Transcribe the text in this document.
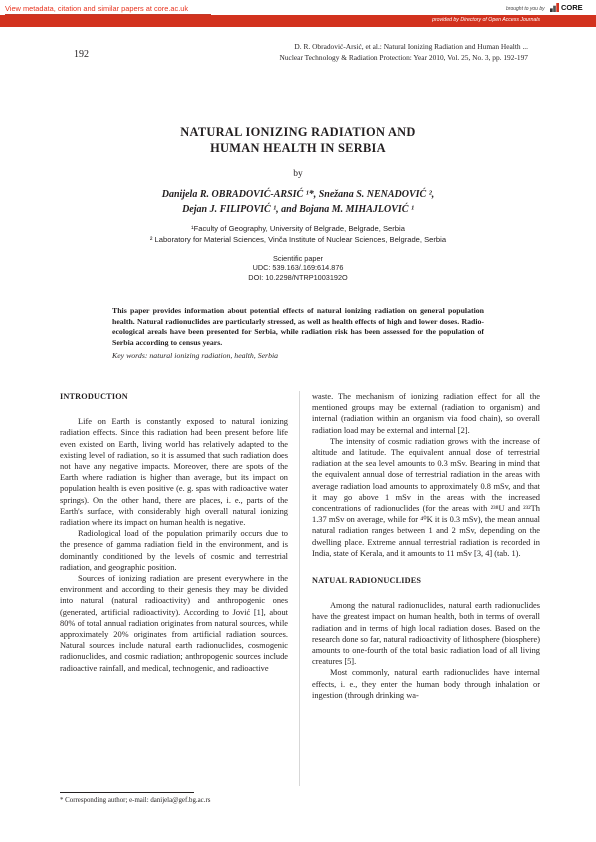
View metadata, citation and similar papers at core.ac.uk	brought to you by CORE
provided by Directory of Open Access Journals
192
D. R. Obradović-Arsić, et al.: Natural Ionizing Radiation and Human Health ...
Nuclear Technology & Radiation Protection: Year 2010, Vol. 25, No. 3, pp. 192-197
NATURAL IONIZING RADIATION AND
HUMAN HEALTH IN SERBIA
by
Danijela R. OBRADOVIĆ-ARSIĆ ¹*, Snežana S. NENADOVIĆ ²,
Dejan J. FILIPOVIĆ ¹, and Bojana M. MIHAJLOVIĆ ¹
¹Faculty of Geography, University of Belgrade, Belgrade, Serbia
² Laboratory for Material Sciences, Vinča Institute of Nuclear Sciences, Belgrade, Serbia
Scientific paper
UDC: 539.163/.169:614.876
DOI: 10.2298/NTRP1003192O
This paper provides information about potential effects of natural ionizing radiation on general population health. Natural radionuclides are particularly stressed, as well as health effects of high and lower doses. Radio-ecological areals have been presented for Serbia, while radiation risk has been assessed for the population of Serbia according to census years.
Key words: natural ionizing radiation, health, Serbia

INTRODUCTION

Life on Earth is constantly exposed to natural ionizing radiation effects. Since this radiation had been present before life even existed on Earth, living world has relatively adapted to the existing level of radiation, so it is assumed that such radiation does not have any negative impacts. Moreover, there are spots of the Earth where radiation is higher than average, but its impact on population health is even positive (e. g. spas with radioactive water springs). On the other hand, there are places, i. e., parts of the Earth's surface, with considerably high overall natural ionizing radiation where its impact on human health is negative.

Radiological load of the population primarily occurs due to the presence of gamma radiation field in the environment, and is dominantly conditioned by the levels of cosmic and terrestrial radiation, and geographic position.

Sources of ionizing radiation are present everywhere in the environment and according to their genesis they may be divided into natural (natural radioactivity) and anthropogenic ones (generated, artificial radioactivity). According to Jović [1], about 80% of total annual radiation originates from natural sources, while approximately 20% originates from artificial radiation sources. Natural sources include natural earth radionuclides, cosmogenic radionuclides, and cosmic radiation; anthropogenic sources include radioactive rainfall, and medical, technogenic, and radioactive

waste. The mechanism of ionizing radiation effect for all the mentioned groups may be external (radiation to organism) and internal (radiation within an organism via food chain), so overall radiation load may be external and internal [2].

The intensity of cosmic radiation grows with the increase of altitude and latitude. The equivalent annual dose of terrestrial radiation at the sea level amounts to 0.3 mSv. Bearing in mind that the equivalent annual dose of terrestrial radiation in the areas with average radiation load amounts to approximately 0.8 mSv, and that it may go above 1 mSv in the areas with the increased concentrations of radionuclides (for the areas with ²³⁸U and ²³²Th 1.37 mSv on average, while for ⁴⁰K it is 0.3 mSv), the mean annual natural radiation ranges between 1 and 2 mSv, depending on the dwelling place. Extreme annual terrestrial radiation is recorded in India, state of Kerala, and it amounts to 11 mSv [3, 4] (tab. 1).

NATUAL RADIONUCLIDES

Among the natural radionuclides, natural earth radionuclides have the greatest impact on human health, both in terms of overall radiation and in terms of high local radiation doses. Based on the research done so far, natural radioactivity of lithosphere (biosphere) amounts to one-fourth of the total basic radiation load of all living creatures [5].

Most commonly, natural earth radionuclides have internal effects, i. e., they enter the human body through inhalation or ingestion (through drinking wa-

* Corresponding author; e-mail: danijela@gef.bg.ac.rs
